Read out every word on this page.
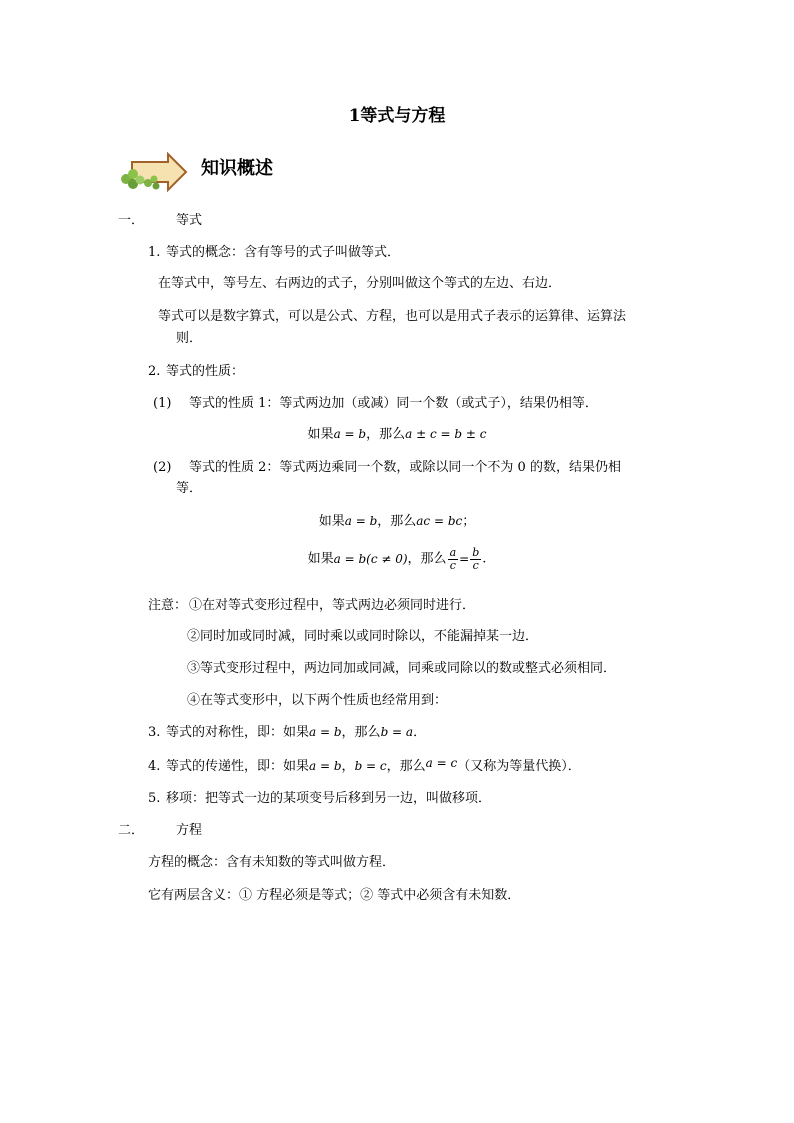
1等式与方程
知识概述
一． 等式
1. 等式的概念：含有等号的式子叫做等式．
在等式中，等号左、右两边的式子，分别叫做这个等式的左边、右边．
等式可以是数字算式，可以是公式、方程，也可以是用式子表示的运算律、运算法
则．
2. 等式的性质：
(1) 等式的性质 1：等式两边加（或减）同一个数（或式子），结果仍相等．
如果a = b，那么a ± c = b ± c
(2) 等式的性质 2：等式两边乘同一个数，或除以同一个不为 0 的数，结果仍相
等．
如果a = b，那么ac = bc；
如果a = b(c ≠ 0)，那么 $\frac{a}{c} = \frac{b}{c}$ .
注意： ①在对等式变形过程中，等式两边必须同时进行．
②同时加或同时减，同时乘以或同时除以，不能漏掉某一边．
③等式变形过程中，两边同加或同减，同乘或同除以的数或整式必须相同．
④在等式变形中，以下两个性质也经常用到：
3. 等式的对称性，即：如果a = b，那么b = a．
4. 等式的传递性，即：如果a = b，b = c，那么a = c（又称为等量代换）．
5. 移项：把等式一边的某项变号后移到另一边，叫做移项．
二． 方程
方程的概念：含有未知数的等式叫做方程．
它有两层含义：① 方程必须是等式；② 等式中必须含有未知数．
